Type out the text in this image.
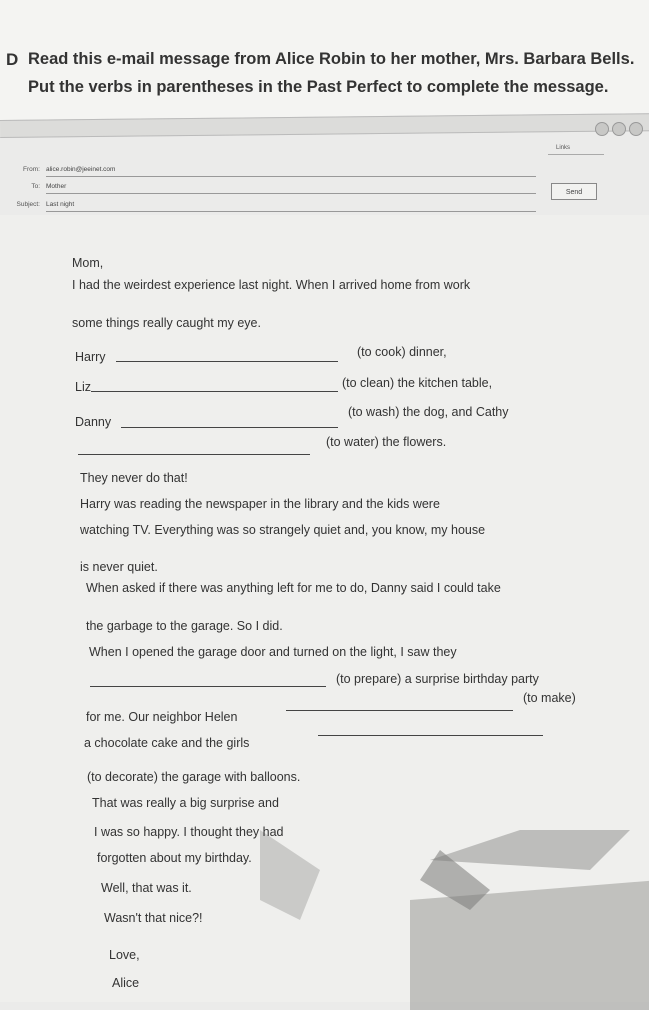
D Read this e-mail message from Alice Robin to her mother, Mrs. Barbara Bells.
Put the verbs in parentheses in the Past Perfect to complete the message.
Links
From: alice.robin@jeeinet.com
To: Mother
Subject: Last night
Send
Mom,
I had the weirdest experience last night. When I arrived home from work
some things really caught my eye.
Harry	(to cook) dinner,
Liz	(to clean) the kitchen table,
Danny
(to wash) the dog, and Cathy
(to water) the flowers.
They never do that!
Harry was reading the newspaper in the library and the kids were
watching TV. Everything was so strangely quiet and, you know, my house
is never quiet.
When asked if there was anything left for me to do, Danny said I could take
the garbage to the garage. So I did.
When I opened the garage door and turned on the light, I saw they
(to prepare) a surprise birthday party
for me. Our neighbor Helen
(to make)
a chocolate cake and the girls
(to decorate) the garage with balloons.
That was really a big surprise and
I was so happy. I thought they had
forgotten about my birthday.
Well, that was it.
Wasn't that nice?!
Love,
Alice
